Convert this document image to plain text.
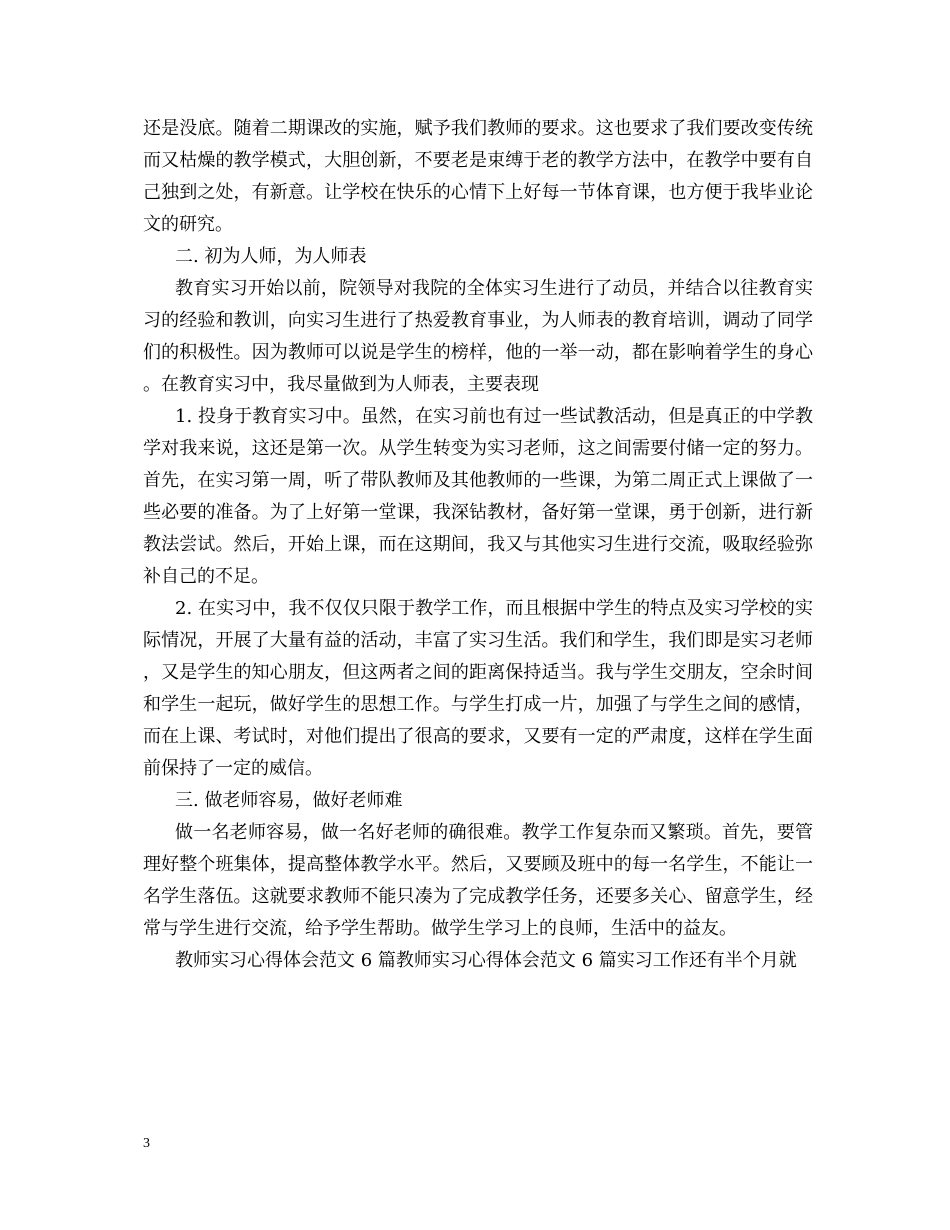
还是没底。随着二期课改的实施，赋予我们教师的要求。这也要求了我们要改变传统而又枯燥的教学模式，大胆创新，不要老是束缚于老的教学方法中，在教学中要有自己独到之处，有新意。让学校在快乐的心情下上好每一节体育课，也方便于我毕业论文的研究。

二. 初为人师，为人师表

教育实习开始以前，院领导对我院的全体实习生进行了动员，并结合以往教育实习的经验和教训，向实习生进行了热爱教育事业，为人师表的教育培训，调动了同学们的积极性。因为教师可以说是学生的榜样，他的一举一动，都在影响着学生的身心。在教育实习中，我尽量做到为人师表，主要表现

1. 投身于教育实习中。虽然，在实习前也有过一些试教活动，但是真正的中学教学对我来说，这还是第一次。从学生转变为实习老师，这之间需要付储一定的努力。首先，在实习第一周，听了带队教师及其他教师的一些课，为第二周正式上课做了一些必要的准备。为了上好第一堂课，我深钻教材，备好第一堂课，勇于创新，进行新教法尝试。然后，开始上课，而在这期间，我又与其他实习生进行交流，吸取经验弥补自己的不足。

2. 在实习中，我不仅仅只限于教学工作，而且根据中学生的特点及实习学校的实际情况，开展了大量有益的活动，丰富了实习生活。我们和学生，我们即是实习老师，又是学生的知心朋友，但这两者之间的距离保持适当。我与学生交朋友，空余时间和学生一起玩，做好学生的思想工作。与学生打成一片，加强了与学生之间的感情，而在上课、考试时，对他们提出了很高的要求，又要有一定的严肃度，这样在学生面前保持了一定的威信。

三. 做老师容易，做好老师难

做一名老师容易，做一名好老师的确很难。教学工作复杂而又繁琐。首先，要管理好整个班集体，提高整体教学水平。然后，又要顾及班中的每一名学生，不能让一名学生落伍。这就要求教师不能只凑为了完成教学任务，还要多关心、留意学生，经常与学生进行交流，给予学生帮助。做学生学习上的良师，生活中的益友。

教师实习心得体会范文 6 篇教师实习心得体会范文 6 篇实习工作还有半个月就

3
